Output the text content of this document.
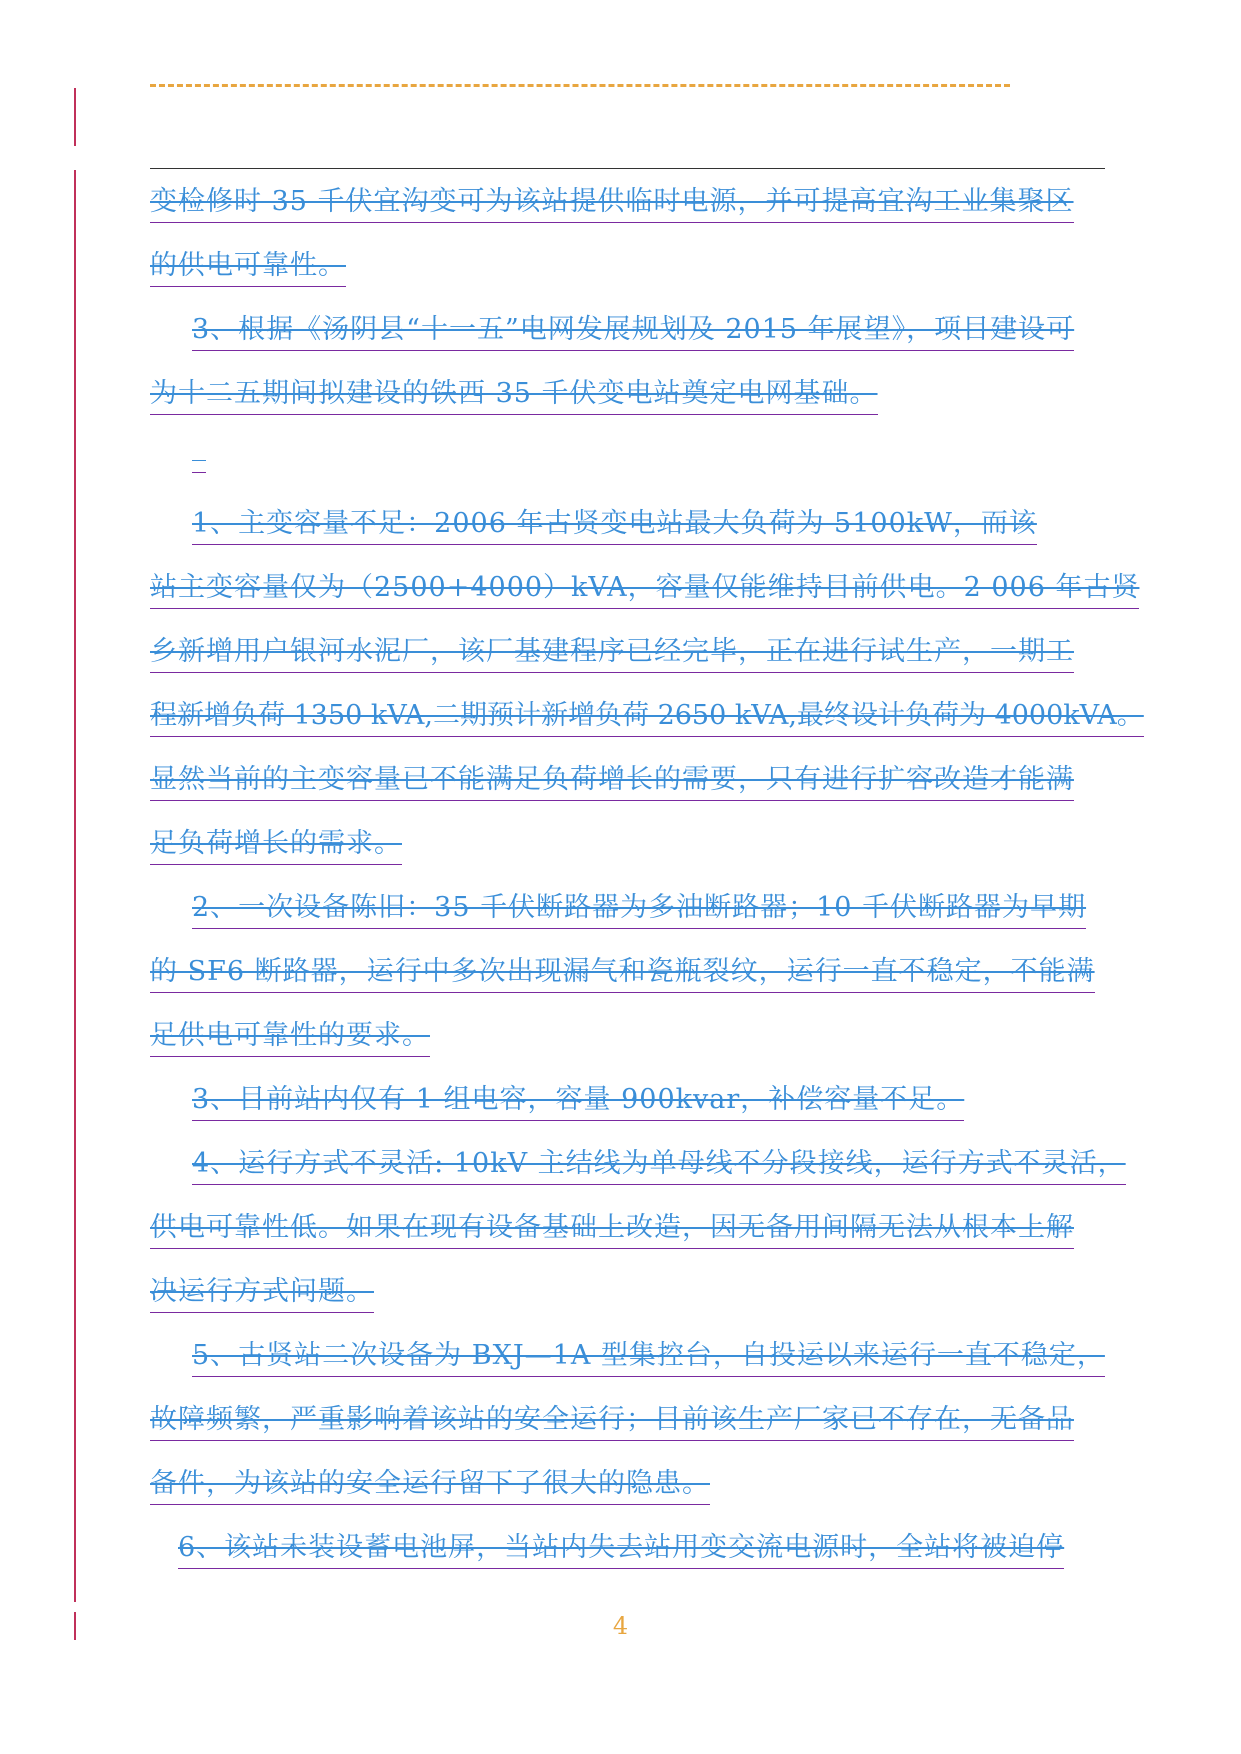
变检修时 35 千伏宜沟变可为该站提供临时电源，并可提高宜沟工业集聚区
的供电可靠性。
3、根据《汤阴县“十一五”电网发展规划及 2015 年展望》，项目建设可
为十二五期间拟建设的铁西 35 千伏变电站奠定电网基础。
1、主变容量不足：2006 年古贤变电站最大负荷为 5100kW，而该
站主变容量仅为（2500+4000）kVA，容量仅能维持目前供电。2 006 年古贤
乡新增用户银河水泥厂，该厂基建程序已经完毕，正在进行试生产，一期工
程新增负荷 1350 kVA,二期预计新增负荷 2650 kVA,最终设计负荷为 4000kVA。
显然当前的主变容量已不能满足负荷增长的需要，只有进行扩容改造才能满
足负荷增长的需求。
2、一次设备陈旧：35 千伏断路器为多油断路器；10 千伏断路器为早期
的 SF6 断路器，运行中多次出现漏气和瓷瓶裂纹，运行一直不稳定，不能满
足供电可靠性的要求。
3、目前站内仅有 1 组电容，容量 900kvar，补偿容量不足。
4、运行方式不灵活: 10kV 主结线为单母线不分段接线，运行方式不灵活，
供电可靠性低。如果在现有设备基础上改造，因无备用间隔无法从根本上解
决运行方式问题。
5、古贤站二次设备为 BXJ—1A 型集控台，自投运以来运行一直不稳定，
故障频繁，严重影响着该站的安全运行；目前该生产厂家已不存在，无备品
备件，为该站的安全运行留下了很大的隐患。
6、该站未装设蓄电池屏，当站内失去站用变交流电源时，全站将被迫停
4
